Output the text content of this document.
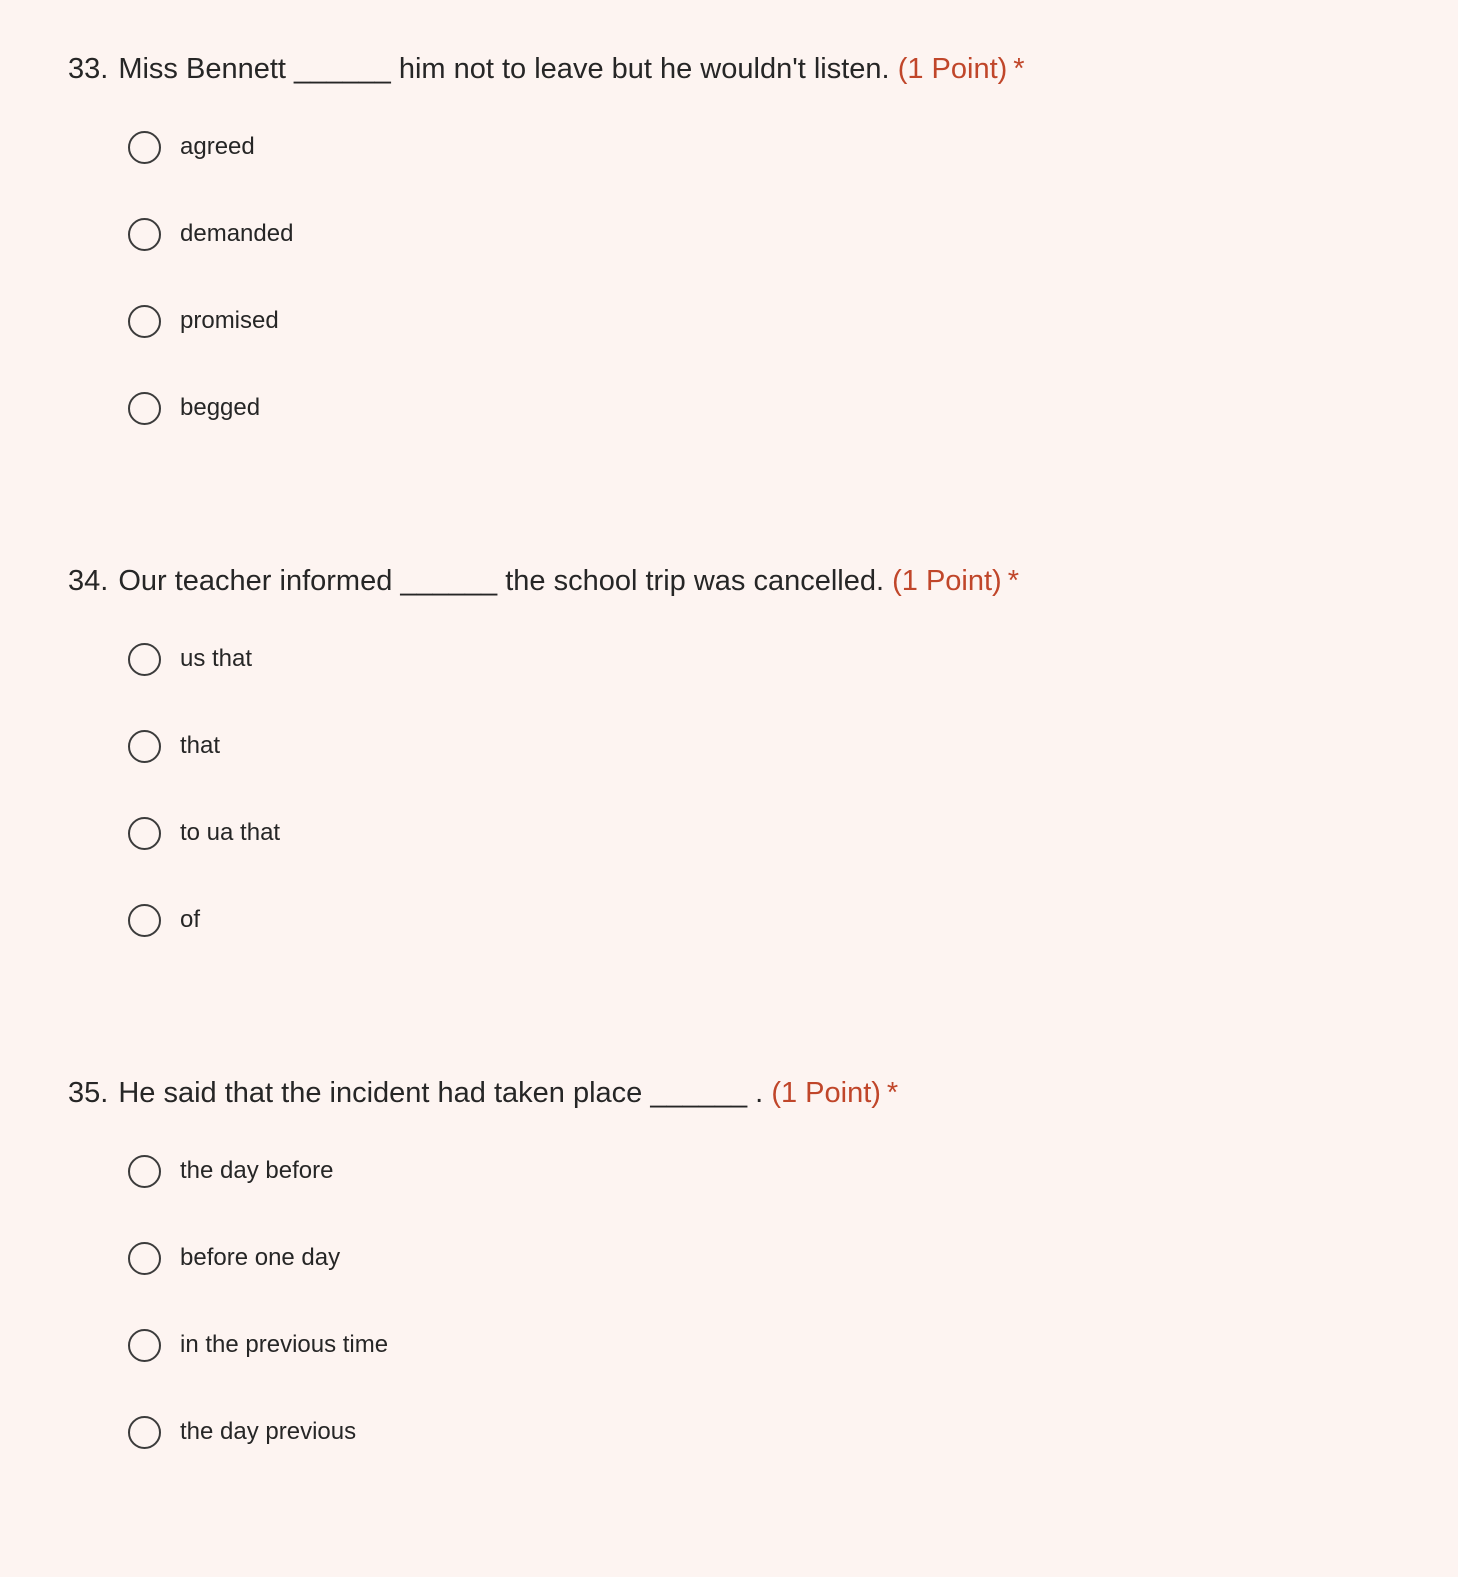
33. Miss Bennett ______ him not to leave but he wouldn't listen. (1 Point) *
agreed
demanded
promised
begged
34. Our teacher informed ______ the school trip was cancelled. (1 Point) *
us that
that
to ua that
of
35. He said that the incident had taken place ______ . (1 Point) *
the day before
before one day
in the previous time
the day previous
